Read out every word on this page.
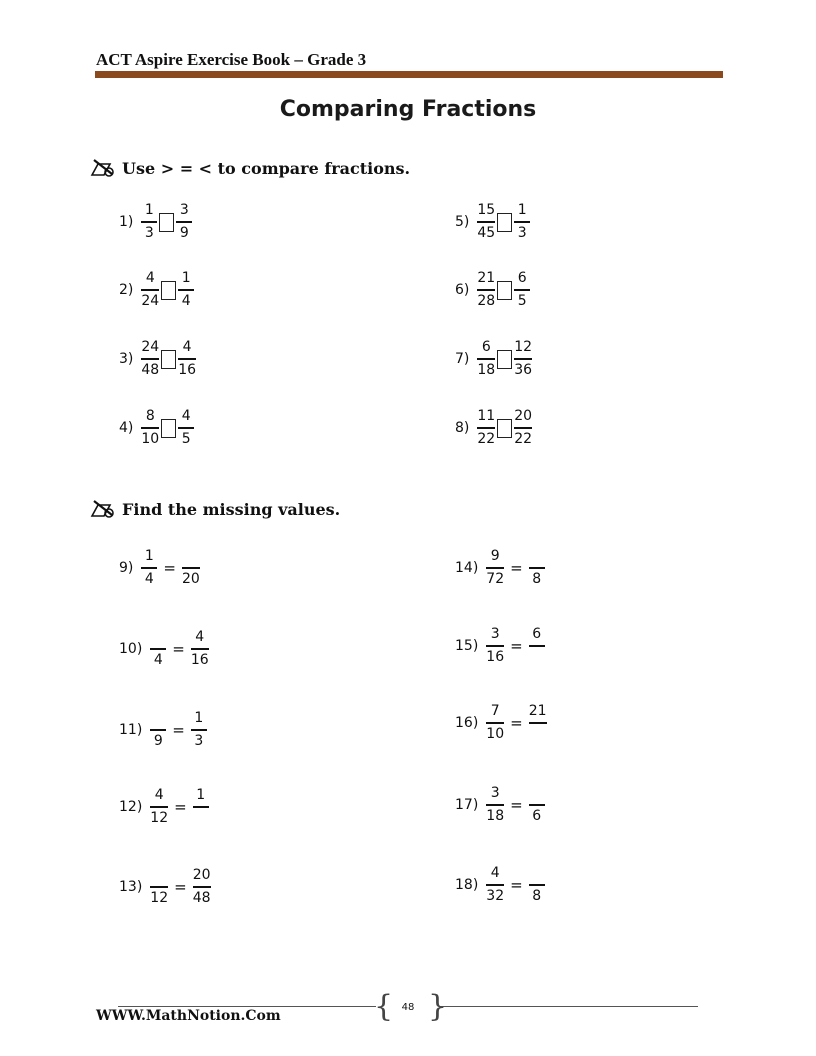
ACT Aspire Exercise Book – Grade 3
Comparing Fractions
Use > = < to compare fractions.
$1) \frac{1}{3} \frac{3}{9}$
$2) \frac{4}{24} \frac{1}{4}$
$3) \frac{24}{48} \frac{4}{16}$
$4) \frac{8}{10} \frac{4}{5}$
$5) \frac{15}{45} \frac{1}{3}$
$6) \frac{21}{28} \frac{6}{5}$
$7) \frac{6}{18} \frac{12}{36}$
$8) \frac{11}{22} \frac{20}{22}$
Find the missing values.
$9) \frac{1}{4}$ =
20
10)
4
= $\frac{4}{16}$
11)
9
= $\frac{1}{3}$
$12) \frac{4}{12}$ =
1
13)
12
= $\frac{20}{48}$
$14) \frac{9}{72}$ =
8
$15) \frac{3}{16}$ =
6
$16) \frac{7}{10}$ =
21
$17) \frac{3}{18}$ =
6
$18) \frac{4}{32}$ =
8
{ }
48
WWW.MathNotion.Com
